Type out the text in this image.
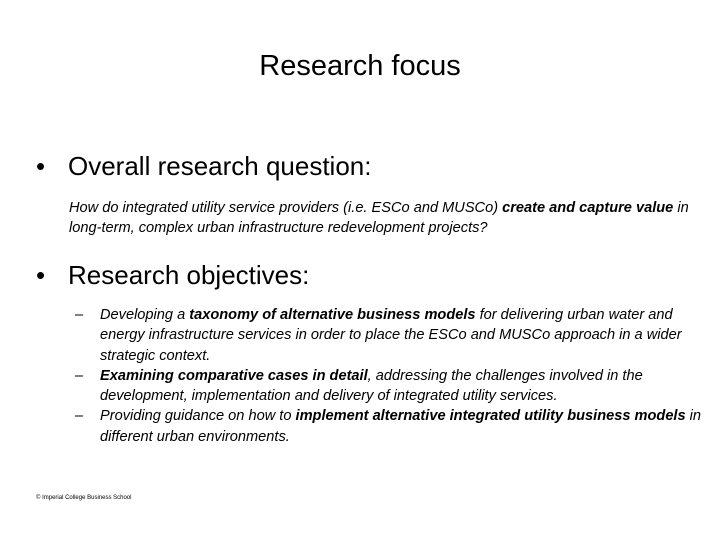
Research focus
• Overall research question:
How do integrated utility service providers (i.e. ESCo and MUSCo) create and capture value in long-term, complex urban infrastructure redevelopment projects?
• Research objectives:
–	Developing a taxonomy of alternative business models for delivering urban water and energy infrastructure services in order to place the ESCo and MUSCo approach in a wider strategic context.
–	Examining comparative cases in detail, addressing the challenges involved in the development, implementation and delivery of integrated utility services.
–	Providing guidance on how to implement alternative integrated utility business models in different urban environments.
© Imperial College Business School
